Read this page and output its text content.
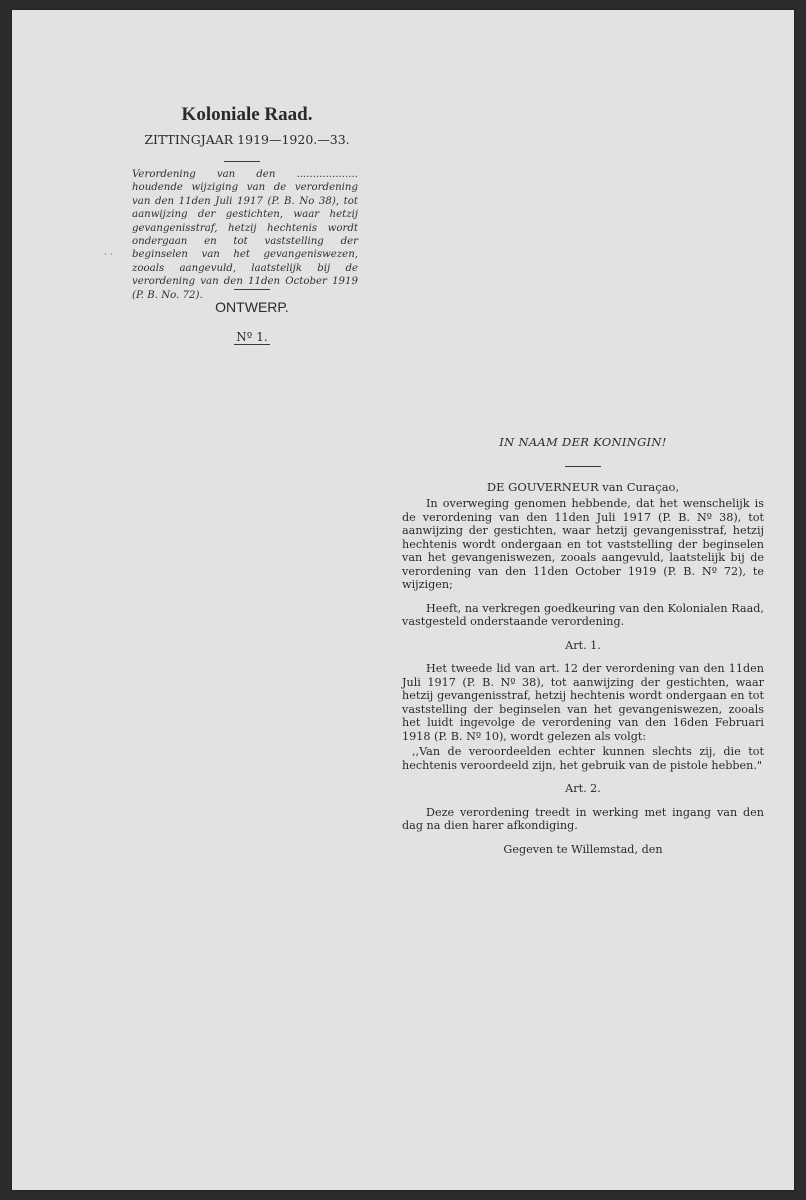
Koloniale Raad.
ZITTINGJAAR 1919—1920.—33.
Verordening van den ................... houdende wijziging van de verordening van den 11den Juli 1917 (P. B. No 38), tot aanwijzing der gestichten, waar hetzij gevangenisstraf, hetzij hechtenis wordt ondergaan en tot vaststelling der beginselen van het gevangeniswezen, zooals aangevuld, laatstelijk bij de verordening van den 11den October 1919 (P. B. No. 72).
· ·
ONTWERP.
Nº 1.
IN NAAM DER KONINGIN!
DE GOUVERNEUR van Curaçao,

In overweging genomen hebbende, dat het wenschelijk is de verordening van den 11den Juli 1917 (P. B. Nº 38), tot aanwijzing der gestichten, waar hetzij gevangenisstraf, hetzij hechtenis wordt ondergaan en tot vaststelling der beginselen van het gevangeniswezen, zooals aangevuld, laatstelijk bij de verordening van den 11den October 1919 (P. B. Nº 72), te wijzigen;

Heeft, na verkregen goedkeuring van den Kolonialen Raad, vastgesteld onderstaande verordening.

Art. 1.

Het tweede lid van art. 12 der verordening van den 11den Juli 1917 (P. B. Nº 38), tot aanwijzing der gestichten, waar hetzij gevangenisstraf, hetzij hechtenis wordt ondergaan en tot vaststelling der beginselen van het gevangeniswezen, zooals het luidt ingevolge de verordening van den 16den Februari 1918 (P. B. Nº 10), wordt gelezen als volgt:

,,Van de veroordeelden echter kunnen slechts zij, die tot hechtenis veroordeeld zijn, het gebruik van de pistole hebben."

Art. 2.

Deze verordening treedt in werking met ingang van den dag na dien harer afkondiging.

Gegeven te Willemstad, den
